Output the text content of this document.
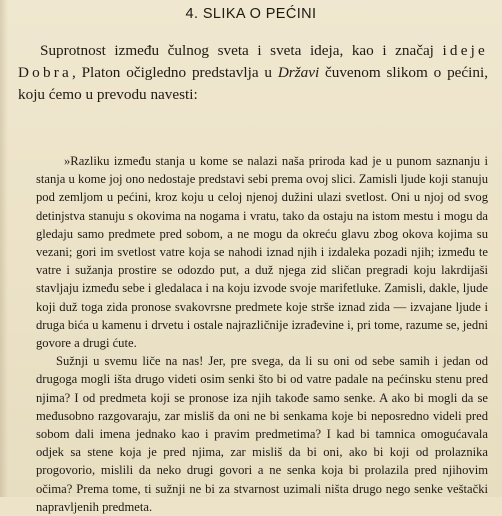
4. SLIKA O PEĆINI

Suprotnost između čulnog sveta i sveta ideja, kao i značaj ideje Dobra, Platon očigledno predstavlja u Državi čuvenom slikom o pećini, koju ćemo u prevodu navesti:

»Razliku između stanja u kome se nalazi naša priroda kad je u punom saznanju i stanja u kome joj ono nedostaje predstavi sebi prema ovoj slici. Zamisli ljude koji stanuju pod zemljom u pećini, kroz koju u celoj njenoj dužini ulazi svetlost. Oni u njoj od svog detinjstva stanuju s okovima na nogama i vratu, tako da ostaju na istom mestu i mogu da gledaju samo predmete pred sobom, a ne mogu da okreću glavu zbog okova kojima su vezani; gori im svetlost vatre koja se nahodi iznad njih i izdaleka pozadi njih; između te vatre i sužanja prostire se odozdo put, a duž njega zid sličan pregradi koju lakrdijaši stavljaju između sebe i gledalaca i na koju izvode svoje marifetluke. Zamisli, dakle, ljude koji duž toga zida pronose svakovrsne predmete koje strše iznad zida — izvajane ljude i druga bića u kamenu i drvetu i ostale najrazličnije izrađevine i, pri tome, razume se, jedni govore a drugi ćute.

Sužnji u svemu liče na nas! Jer, pre svega, da li su oni od sebe samih i jedan od drugoga mogli išta drugo videti osim senki što bi od vatre padale na pećinsku stenu pred njima? I od predmeta koji se pronose iza njih takođe samo senke. A ako bi mogli da se međusobno razgovaraju, zar misliš da oni ne bi senkama koje bi neposredno videli pred sobom dali imena jednako kao i pravim predmetima? I kad bi tamnica omogućavala odjek sa stene koja je pred njima, zar misliš da bi oni, ako bi koji od prolaznika progovorio, mislili da neko drugi govori a ne senka koja bi prolazila pred njihovim očima? Prema tome, ti sužnji ne bi za stvarnost uzimali ništa drugo nego senke veštački napravljenih predmeta.
